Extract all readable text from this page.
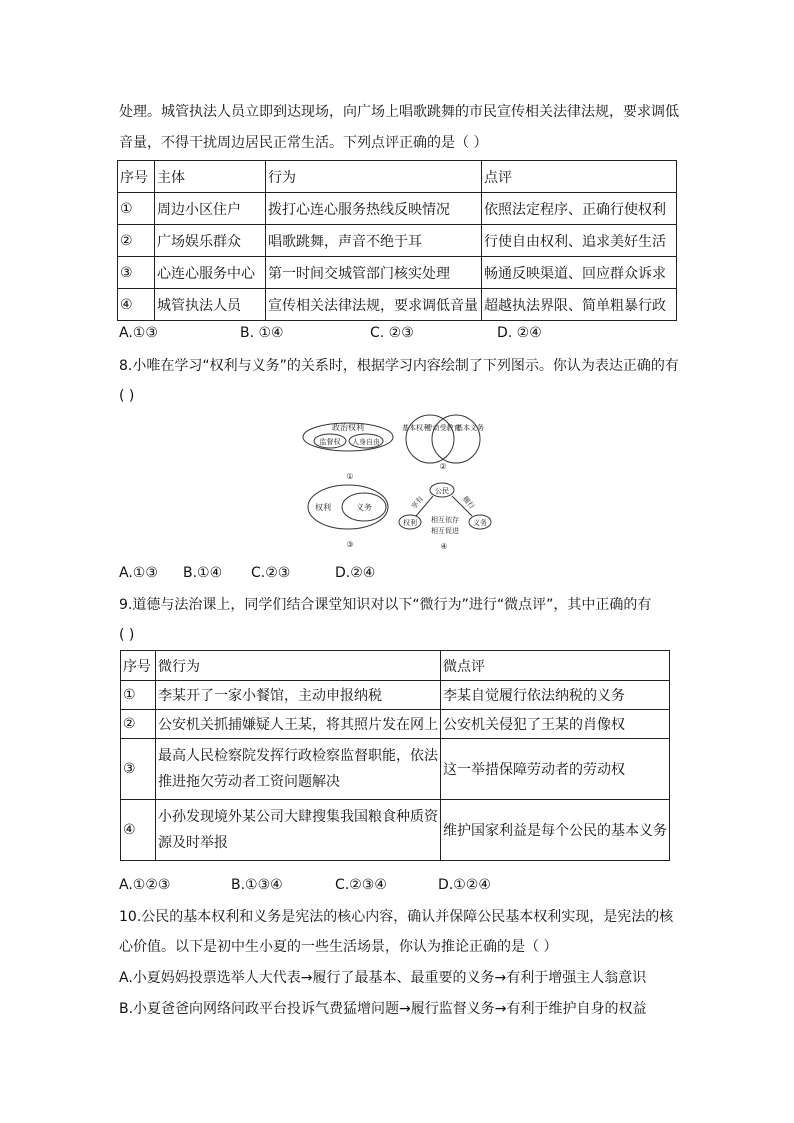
处理。城管执法人员立即到达现场，向广场上唱歌跳舞的市民宣传相关法律法规，要求调低
音量，不得干扰周边居民正常生活。下列点评正确的是（ ）
序号	主体	行为	点评
①	周边小区住户	拨打心连心服务热线反映情况	依照法定程序、正确行使权利
②	广场娱乐群众	唱歌跳舞，声音不绝于耳	行使自由权利、追求美好生活
③	心连心服务中心	第一时间交城管部门核实处理	畅通反映渠道、回应群众诉求
④	城管执法人员	宣传相关法律法规，要求调低音量	超越执法界限、简单粗暴行政
A.①③	B. ①④	C. ②③	D. ②④
8.小唯在学习“权利与义务”的关系时，根据学习内容绘制了下列图示。你认为表达正确的有
( )
政治权利
监督权 人身自由
①
基本权利
劳动受教育
基本义务
②
权利	义务
③
公民
权利	义务
享有	履行
相互依存
相互促进
④
A.①③ B.①④ C.②③	D.②④
9.道德与法治课上，同学们结合课堂知识对以下“微行为”进行“微点评”，其中正确的有
( )
序号	微行为	微点评
①	李某开了一家小餐馆，主动申报纳税	李某自觉履行依法纳税的义务
②	公安机关抓捕嫌疑人王某，将其照片发在网上	公安机关侵犯了王某的肖像权
③	最高人民检察院发挥行政检察监督职能，依法推进拖欠劳动者工资问题解决	这一举措保障劳动者的劳动权
④	小孙发现境外某公司大肆搜集我国粮食种质资源及时举报	维护国家利益是每个公民的基本义务
A.①②③	B.①③④	C.②③④	D.①②④
10.公民的基本权利和义务是宪法的核心内容，确认并保障公民基本权利实现，是宪法的核
心价值。以下是初中生小夏的一些生活场景，你认为推论正确的是（ ）
A.小夏妈妈投票选举人大代表→履行了最基本、最重要的义务→有利于增强主人翁意识
B.小夏爸爸向网络问政平台投诉气费猛增问题→履行监督义务→有利于维护自身的权益
